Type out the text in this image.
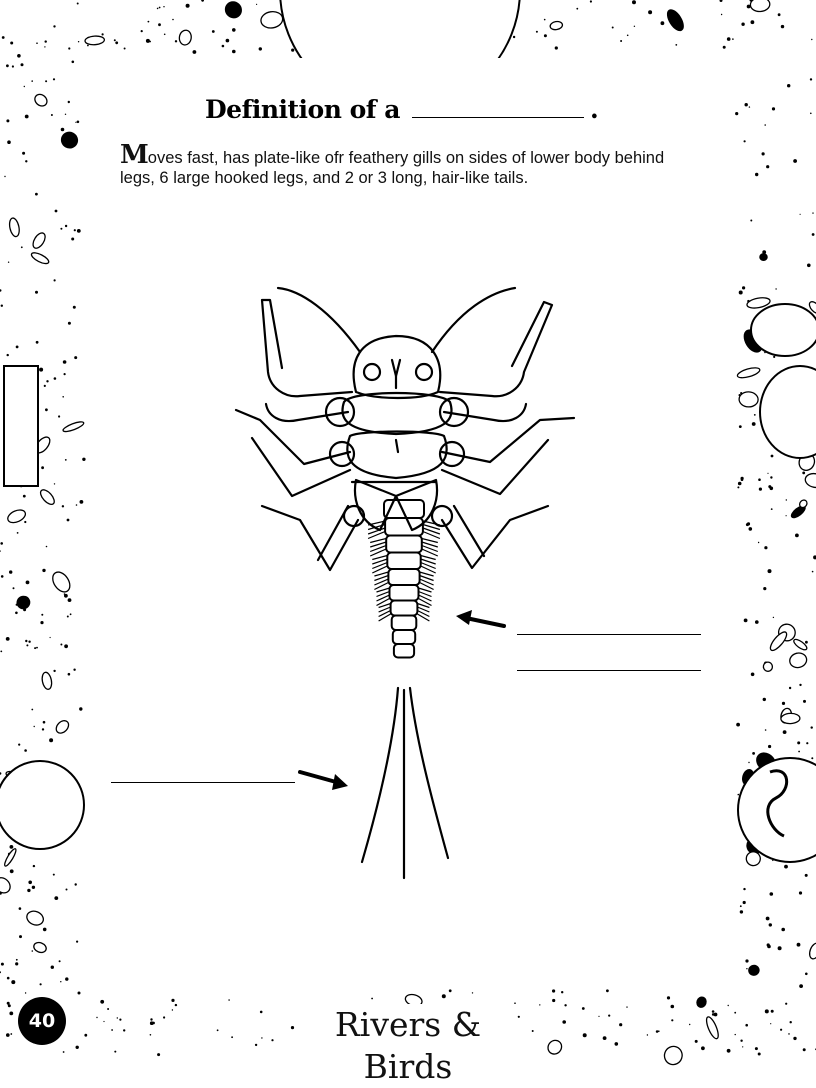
Definition of a	.
Moves fast, has plate-like ofr feathery gills on sides of lower body behind legs, 6 large hooked legs, and 2 or 3 long, hair-like tails.
40	Rivers & Birds
